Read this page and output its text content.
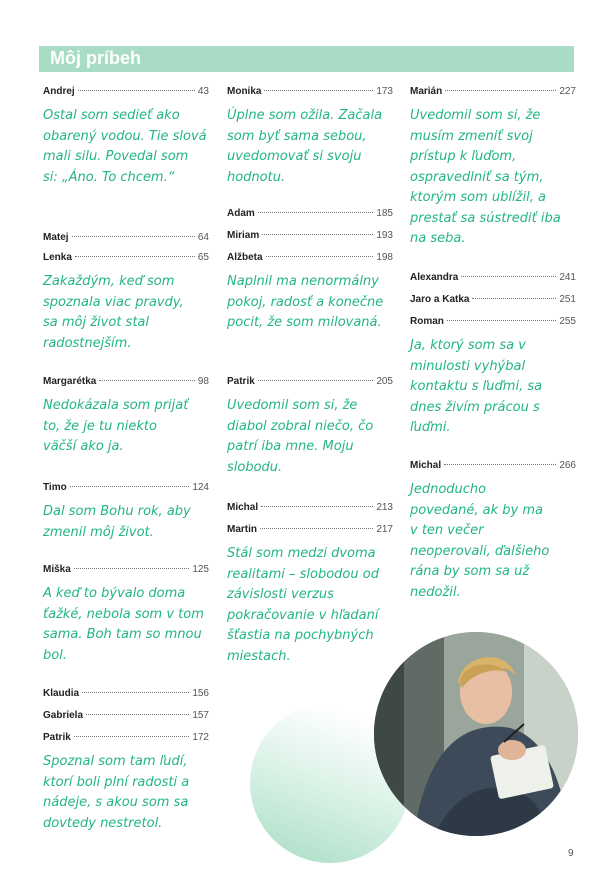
Môj príbeh
Andrej	43
Ostal som sedieť ako obarený vodou. Tie slová mali silu. Povedal som si: „Áno. To chcem.“
Matej	64
Lenka	65
Zakaždým, keď som spoznala viac pravdy, sa môj život stal radostnejším.
Margarétka	98
Nedokázala som prijať to, že je tu niekto väčší ako ja.
Timo	124
Dal som Bohu rok, aby zmenil môj život.
Miška	125
A keď to bývalo doma ťažké, nebola som v tom sama. Boh tam so mnou bol.
Klaudia	156
Gabriela	157
Patrik	172
Spoznal som tam ľudí, ktorí boli plní radosti a nádeje, s akou som sa dovtedy nestretol.
Monika	173
Úplne som ožila. Začala som byť sama sebou, uvedomovať si svoju hodnotu.
Adam	185
Miriam	193
Alžbeta	198
Naplnil ma nenormálny pokoj, radosť a konečne pocit, že som milovaná.
Patrik	205
Uvedomil som si, že diabol zobral niečo, čo patrí iba mne. Moju slobodu.
Michal	213
Martin	217
Stál som medzi dvoma realitami – slobodou od závislosti verzus pokračovanie v hľadaní šťastia na pochybných miestach.
Marián	227
Uvedomil som si, že musím zmeniť svoj prístup k ľuďom, ospravedlniť sa tým, ktorým som ublížil, a prestať sa sústrediť iba na seba.
Alexandra	241
Jaro a Katka	251
Roman	255
Ja, ktorý som sa v minulosti vyhýbal kontaktu s ľuďmi, sa dnes živím prácou s ľuďmi.
Michal	266
Jednoducho povedané, ak by ma v ten večer neoperovali, ďalšieho rána by som sa už nedožil.
9
